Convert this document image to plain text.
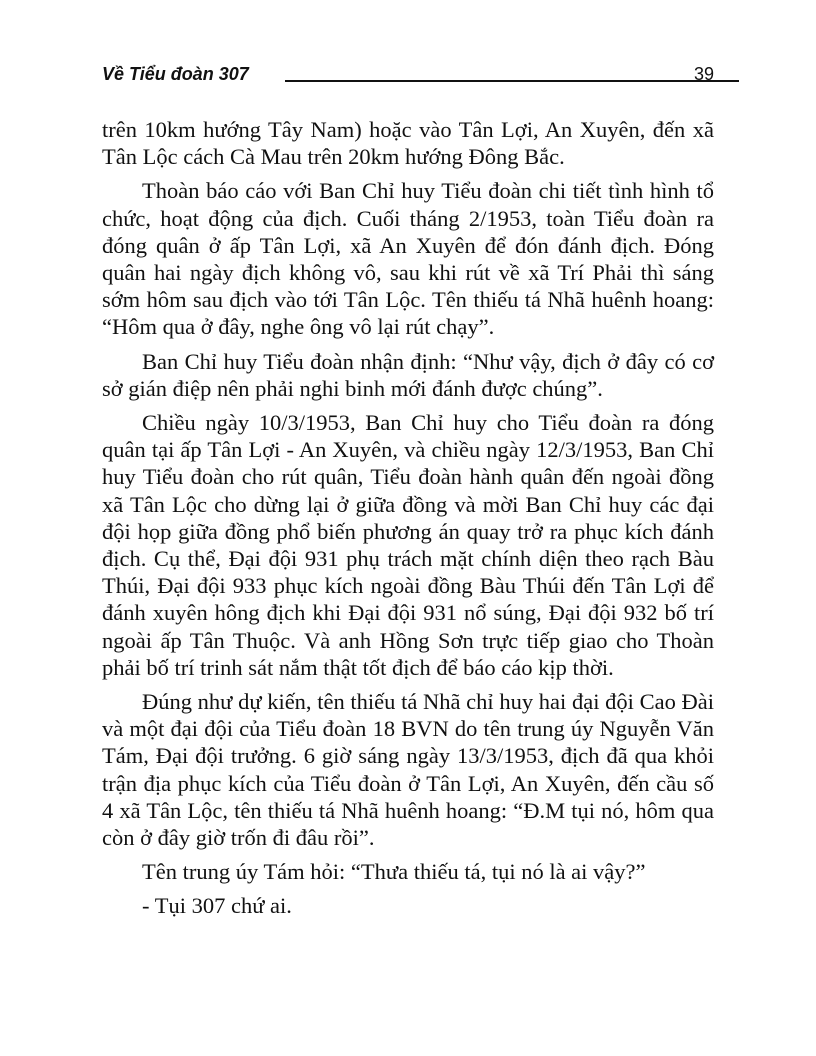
Về Tiểu đoàn 307	39

trên 10km hướng Tây Nam) hoặc vào Tân Lợi, An Xuyên, đến xã Tân Lộc cách Cà Mau trên 20km hướng Đông Bắc.

Thoàn báo cáo với Ban Chỉ huy Tiểu đoàn chi tiết tình hình tổ chức, hoạt động của địch. Cuối tháng 2/1953, toàn Tiểu đoàn ra đóng quân ở ấp Tân Lợi, xã An Xuyên để đón đánh địch. Đóng quân hai ngày địch không vô, sau khi rút về xã Trí Phải thì sáng sớm hôm sau địch vào tới Tân Lộc. Tên thiếu tá Nhã huênh hoang: “Hôm qua ở đây, nghe ông vô lại rút chạy”.

Ban Chỉ huy Tiểu đoàn nhận định: “Như vậy, địch ở đây có cơ sở gián điệp nên phải nghi binh mới đánh được chúng”.

Chiều ngày 10/3/1953, Ban Chỉ huy cho Tiểu đoàn ra đóng quân tại ấp Tân Lợi - An Xuyên, và chiều ngày 12/3/1953, Ban Chỉ huy Tiểu đoàn cho rút quân, Tiểu đoàn hành quân đến ngoài đồng xã Tân Lộc cho dừng lại ở giữa đồng và mời Ban Chỉ huy các đại đội họp giữa đồng phổ biến phương án quay trở ra phục kích đánh địch. Cụ thể, Đại đội 931 phụ trách mặt chính diện theo rạch Bàu Thúi, Đại đội 933 phục kích ngoài đồng Bàu Thúi đến Tân Lợi để đánh xuyên hông địch khi Đại đội 931 nổ súng, Đại đội 932 bố trí ngoài ấp Tân Thuộc. Và anh Hồng Sơn trực tiếp giao cho Thoàn phải bố trí trinh sát nắm thật tốt địch để báo cáo kịp thời.

Đúng như dự kiến, tên thiếu tá Nhã chỉ huy hai đại đội Cao Đài và một đại đội của Tiểu đoàn 18 BVN do tên trung úy Nguyễn Văn Tám, Đại đội trưởng. 6 giờ sáng ngày 13/3/1953, địch đã qua khỏi trận địa phục kích của Tiểu đoàn ở Tân Lợi, An Xuyên, đến cầu số 4 xã Tân Lộc, tên thiếu tá Nhã huênh hoang: “Đ.M tụi nó, hôm qua còn ở đây giờ trốn đi đâu rồi”.

Tên trung úy Tám hỏi: “Thưa thiếu tá, tụi nó là ai vậy?”

- Tụi 307 chứ ai.
